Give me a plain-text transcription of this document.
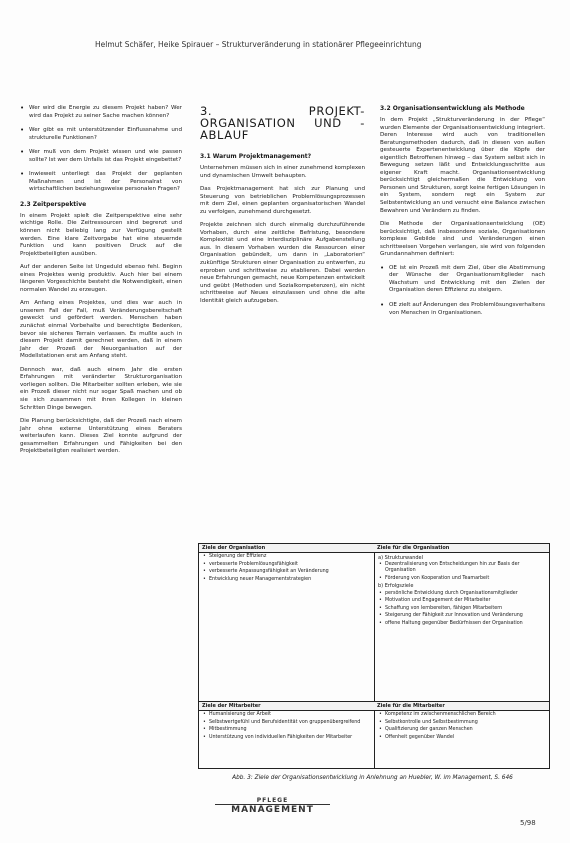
Helmut Schäfer, Heike Spirauer – Strukturveränderung in stationärer Pflegeeinrichtung
• Wer wird die Energie zu diesem Projekt haben? Wer wird das Projekt zu seiner Sache machen können?
• Wer gibt es mit unterstützender Einflussnahme und strukturelle Funktionen?
• Wer muß von dem Projekt wissen und wie passen sollte? Ist wer dem Unfalls ist das Projekt eingebettet?
• Inwieweit unterliegt das Projekt der geplanten Maßnahmen und ist der Personalrat von wirtschaftlichen beziehungsweise personalen Fragen?
2.3 Zeitperspektive

In einem Projekt spielt die Zeitperspektive eine sehr wichtige Rolle. Die Zeitressourcen sind begrenzt und können nicht beliebig lang zur Verfügung gestellt werden. Eine klare Zeitvorgabe hat eine steuernde Funktion und kann positiven Druck auf die Projektbeteiligten ausüben.

Auf der anderen Seite ist Ungeduld ebenso fehl. Beginn eines Projektes wenig produktiv. Auch hier bei einem längeren Vorgeschichte besteht die Notwendigkeit, einen normalen Wandel zu erzeugen.

Am Anfang eines Projektes, und dies war auch in unserem Fall der Fall, muß Veränderungsbereitschaft geweckt und gefördert werden. Menschen haben zunächst einmal Vorbehalte und berechtigte Bedenken, bevor sie sicheres Terrain verlassen. Es mußte auch in diesem Projekt damit gerechnet werden, daß in einem Jahr der Prozeß der Neuorganisation auf der Modellstationen erst am Anfang steht.

Dennoch war, daß auch einem Jahr die ersten Erfahrungen mit veränderter Strukturorganisation vorliegen sollten. Die Mitarbeiter sollten erleben, wie sie ein Prozeß dieser nicht nur sogar Spaß machen und ob sie sich zusammen mit ihren Kollegen in kleinen Schritten Dinge bewegen.

Die Planung berücksichtigte, daß der Prozeß nach einem Jahr ohne externe Unterstützung eines Beraters weiterlaufen kann. Dieses Ziel konnte aufgrund der gesammelten Erfahrungen und Fähigkeiten bei den Projektbeteiligten realisiert werden.

3. PROJEKT-ORGANISATION UND -ABLAUF
3.1 Warum Projektmanagement?

Unternehmen müssen sich in einer zunehmend komplexen und dynamischen Umwelt behaupten.

Das Projektmanagement hat sich zur Planung und Steuerung von betrieblichen Problemlösungsprozessen mit dem Ziel, einen geplanten organisatorischen Wandel zu verfolgen, zunehmend durchgesetzt.

Projekte zeichnen sich durch einmalig durchzuführende Vorhaben, durch eine zeitliche Befristung, besondere Komplexität und eine interdisziplinäre Aufgabenstellung aus. In diesem Vorhaben wurden die Ressourcen einer Organisation gebündelt, um dann in „Laboratorien“ zukünftige Strukturen einer Organisation zu entwerfen, zu erproben und schrittweise zu etablieren. Dabei werden neue Erfahrungen gemacht, neue Kompetenzen entwickelt und geübt (Methoden und Sozialkompetenzen), ein nicht schrittweise auf Neues einzulassen und ohne die alte Identität gleich aufzugeben.

3.2 Organisationsentwicklung als Methode

In dem Projekt „Strukturveränderung in der Pflege“ wurden Elemente der Organisationsentwicklung integriert. Deren Interesse wird auch von traditionellen Beratungsmethoden dadurch, daß in diesen von außen gesteuerte Expertenentwicklung über die Köpfe der eigentlich Betroffenen hinweg – das System selbst sich in Bewegung setzen läßt und Entwicklungsschritte aus eigener Kraft macht. Organisationsentwicklung berücksichtigt gleichermaßen die Entwicklung von Personen und Strukturen, sorgt keine fertigen Lösungen in ein System, sondern regt ein System zur Selbstentwicklung an und versucht eine Balance zwischen Bewahren und Verändern zu finden.

Die Methode der Organisationsentwicklung (OE) berücksichtigt, daß insbesondere soziale, Organisationen komplexe Gebilde sind und Veränderungen einen schrittweisen Vorgehen verlangen, sie wird von folgenden Grundannahmen definiert:

• OE ist ein Prozeß mit dem Ziel, über die Abstimmung der Wünsche der Organisationsmitglieder nach Wachstum und Entwicklung mit den Zielen der Organisation deren Effizienz zu steigern.
• OE zielt auf Änderungen des Problemlösungsverhaltens von Menschen in Organisationen.
Ziele der Organisation	Ziele für die Organisation
• Steigerung der Effizienz
• verbesserte Problemlösungsfähigkeit
• verbesserte Anpassungsfähigkeit an Veränderung
• Entwicklung neuer Managementstrategien
a) Strukturwandel
• Dezentralisierung von Entscheidungen hin zur Basis der Organisation
• Förderung von Kooperation und Teamarbeit
b) Erfolgsziele
• persönliche Entwicklung durch Organisationsmitglieder
• Motivation und Engagement der Mitarbeiter
• Schaffung von lernbereiten, fähigen Mitarbeitern
• Steigerung der Fähigkeit zur Innovation und Veränderung
• offene Haltung gegenüber Bedürfnissen der Organisation
Ziele der Mitarbeiter	Ziele für die Mitarbeiter
• Humanisierung der Arbeit
• Selbstwertgefühl und Berufsidentität von gruppenübergreifend
• Mitbestimmung
• Unterstützung von individuellen Fähigkeiten der Mitarbeiter
• Kompetenz im zwischenmenschlichen Bereich
• Selbstkontrolle und Selbstbestimmung
• Qualifizierung der ganzen Menschen
• Offenheit gegenüber Wandel
Abb. 3: Ziele der Organisationsentwicklung in Anlehnung an Huebler, W. im Management, S. 646
PFLEGE
MANAGEMENT
5/98
